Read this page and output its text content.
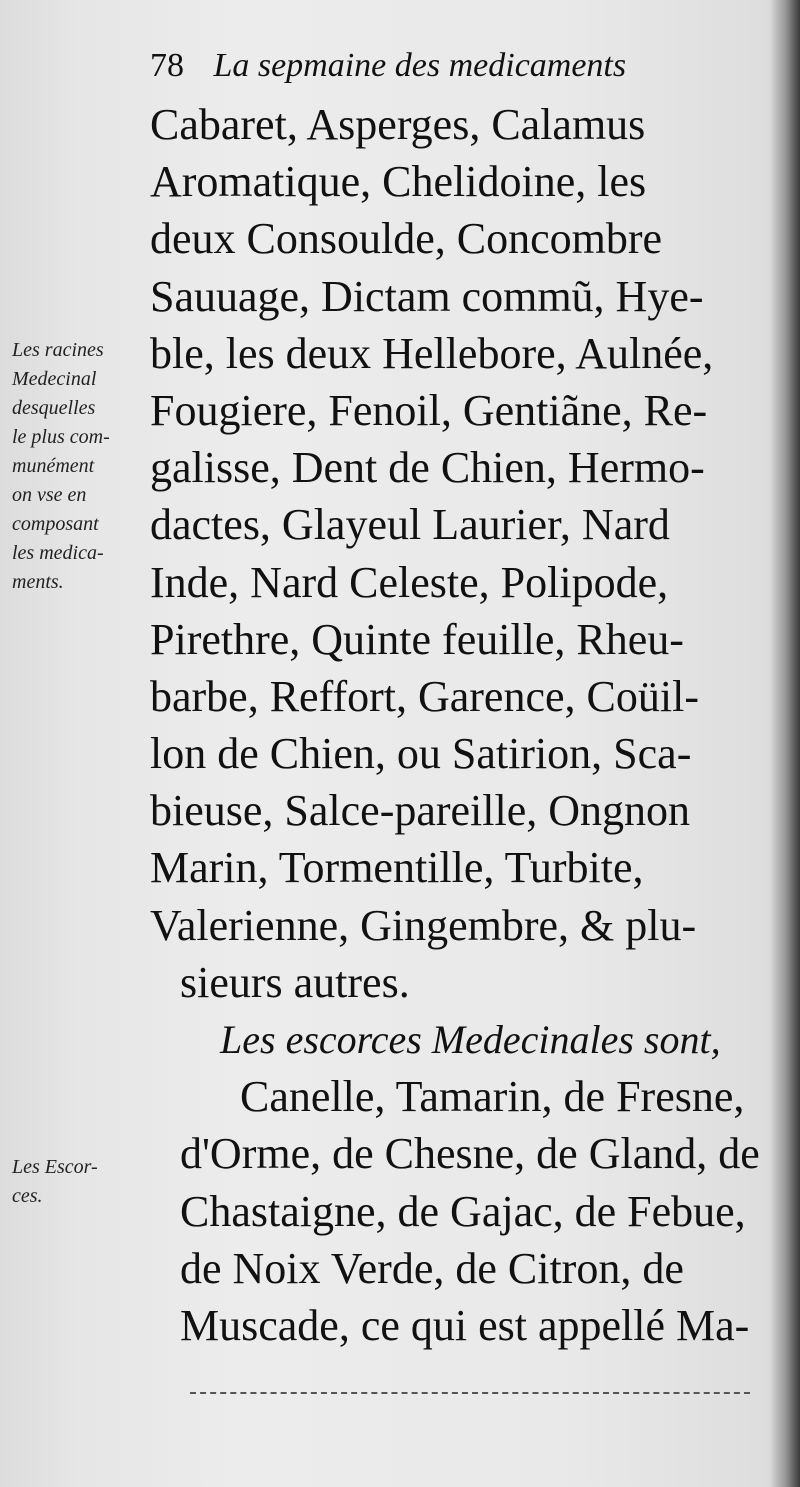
78 La sepmaine des medicaments
Cabaret, Asperges, Calamus
Aromatique, Chelidoine, les
deux Consoulde, Concombre
Sauuage, Dictam commũ, Hye-
ble, les deux Hellebore, Aulnée,
Fougiere, Fenoil, Gentiãne, Re-
galisse, Dent de Chien, Hermo-
dactes, Glayeul Laurier, Nard
Inde, Nard Celeste, Polipode,
Pirethre, Quinte feuille, Rheu-
barbe, Reffort, Garence, Coüil-
lon de Chien, ou Satirion, Sca-
bieuse, Salce-pareille, Ongnon
Marin, Tormentille, Turbite,
Valerienne, Gingembre, & plu-
sieurs autres.
Les escorces Medecinales sont,
Canelle, Tamarin, de Fresne,
d'Orme, de Chesne, de Gland, de
Chastaigne, de Gajac, de Febue,
de Noix Verde, de Citron, de
Muscade, ce qui est appellé Ma-
Les racines
Medecinal
desquelles
le plus com-
munément
on vse en
composant
les medica-
ments.
Les Escor-
ces.
